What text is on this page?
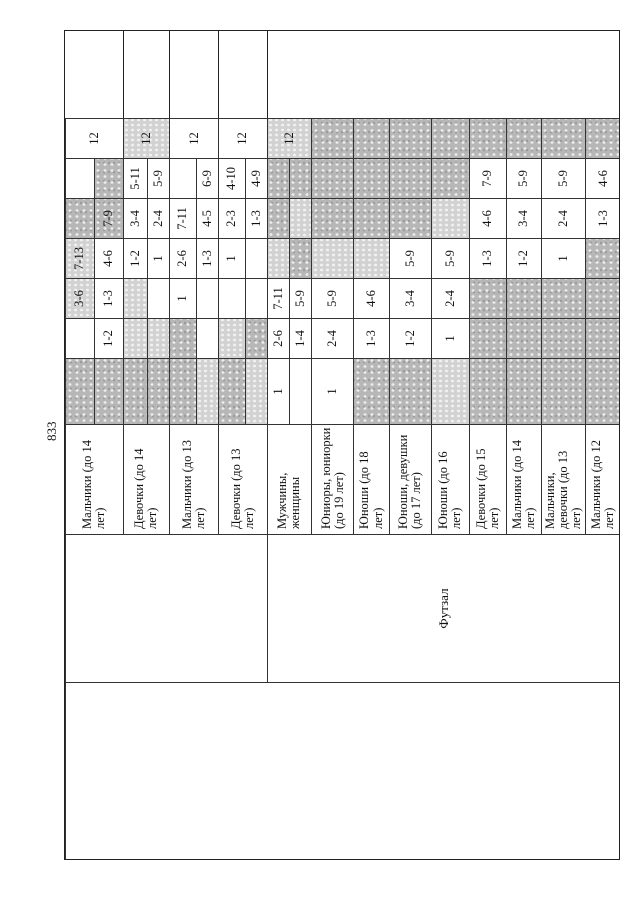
833
		Мальчики (до 14 лет)			3-6	7-13			12
				1-2	1-3	4-6	7-9		
		Девочки (до 14 лет)				1-2	3-4	5-11	12
						1	2-4	5-9	
		Мальчики (до 13 лет)			1	2-6	7-11		12
						1-3	4-5	6-9	
		Девочки (до 13 лет)				1	2-3	4-10	12
							1-3	4-9	
	Футзал	Мужчины, женщины	1	2-6	7-11				12
				1-4	5-9				
		Юниоры, юниорки (до 19 лет)	1	2-4	5-9				
		Юноши (до 18 лет)		1-3	4-6				
		Юноши, девушки (до 17 лет)		1-2	3-4	5-9			
		Юноши (до 16 лет)		1	2-4	5-9			
		Девочки (до 15 лет)				1-3	4-6	7-9	
		Мальчики (до 14 лет)				1-2	3-4	5-9	
		Мальчики, девочки (до 13 лет)				1	2-4	5-9	
		Мальчики (до 12 лет)					1-3	4-6	
